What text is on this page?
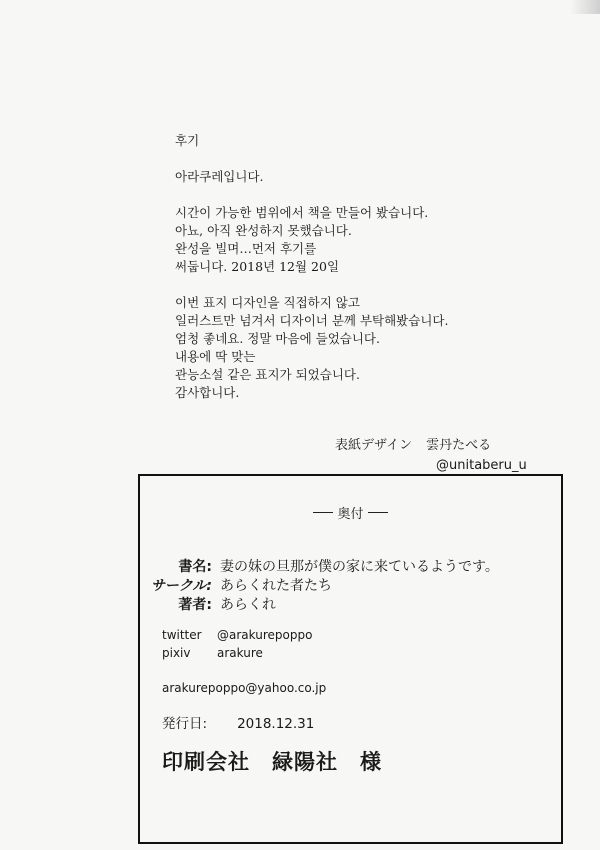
후기
아라쿠레입니다.
시간이 가능한 범위에서 책을 만들어 봤습니다.
아뇨, 아직 완성하지 못했습니다.
완성을 빌며…먼저 후기를
써둡니다. 2018년 12월 20일
이번 표지 디자인을 직접하지 않고
일러스트만 넘겨서 디자이너 분께 부탁해봤습니다.
엄청 좋네요. 정말 마음에 들었습니다.
내용에 딱 맞는
관능소설 같은 표지가 되었습니다.
감사합니다.
表紙デザイン 雲丹たべる
@unitaberu_u
奥付
書名: 妻の妹の旦那が僕の家に来ているようです。
サークル: あらくれた者たち
著者: あらくれ
twitter @arakurepoppo
pixiv arakure
arakurepoppo@yahoo.co.jp
発行日: 2018.12.31
印刷会社 緑陽社 様
